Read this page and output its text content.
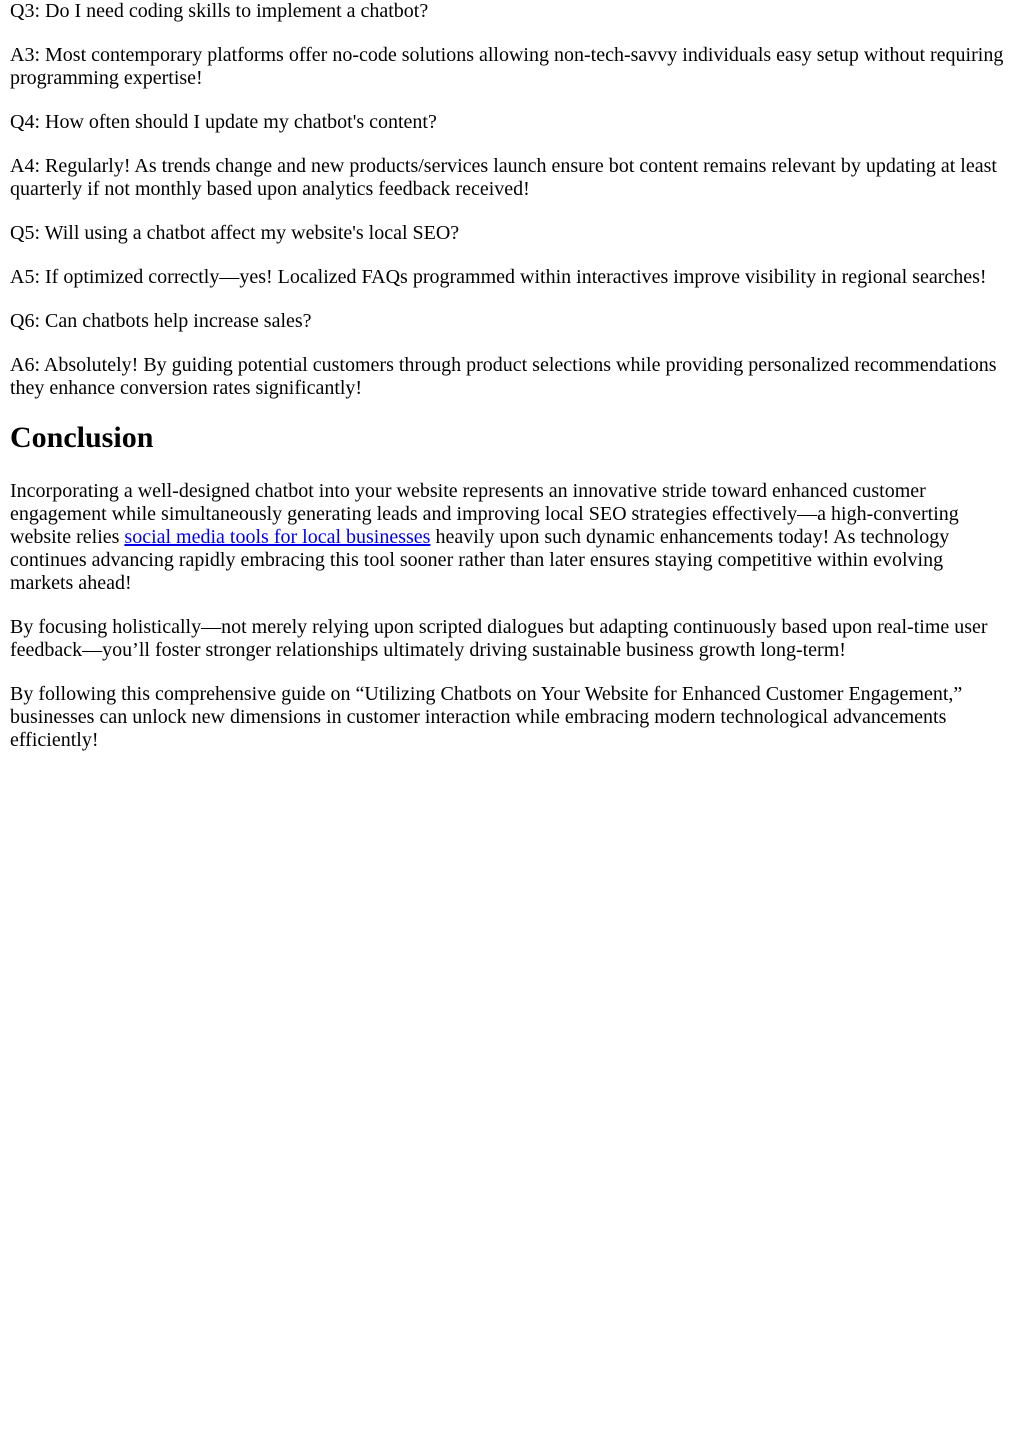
Q3: Do I need coding skills to implement a chatbot?

A3: Most contemporary platforms offer no-code solutions allowing non-tech-savvy individuals easy setup without requiring programming expertise!

Q4: How often should I update my chatbot's content?

A4: Regularly! As trends change and new products/services launch ensure bot content remains relevant by updating at least quarterly if not monthly based upon analytics feedback received!

Q5: Will using a chatbot affect my website's local SEO?

A5: If optimized correctly—yes! Localized FAQs programmed within interactives improve visibility in regional searches!

Q6: Can chatbots help increase sales?

A6: Absolutely! By guiding potential customers through product selections while providing personalized recommendations they enhance conversion rates significantly!

Conclusion

Incorporating a well-designed chatbot into your website represents an innovative stride toward enhanced customer engagement while simultaneously generating leads and improving local SEO strategies effectively—a high-converting website relies social media tools for local businesses heavily upon such dynamic enhancements today! As technology continues advancing rapidly embracing this tool sooner rather than later ensures staying competitive within evolving markets ahead!

By focusing holistically—not merely relying upon scripted dialogues but adapting continuously based upon real-time user feedback—you’ll foster stronger relationships ultimately driving sustainable business growth long-term!

By following this comprehensive guide on “Utilizing Chatbots on Your Website for Enhanced Customer Engagement,” businesses can unlock new dimensions in customer interaction while embracing modern technological advancements efficiently!
